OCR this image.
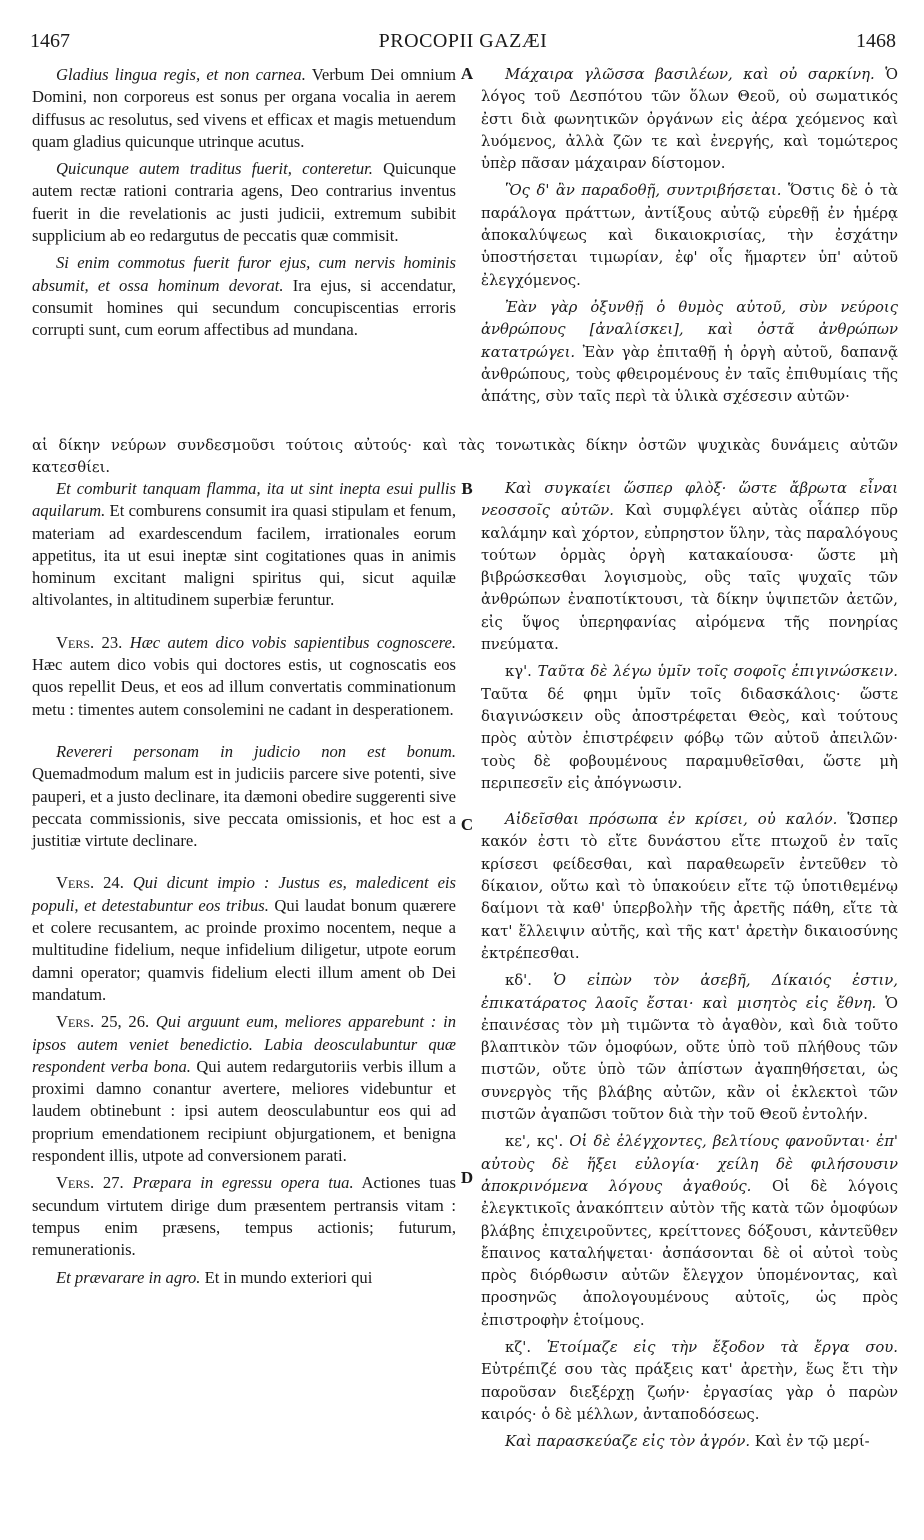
1467	PROCOPII GAZÆI	1468

Gladius lingua regis, et non carnea. Verbum Dei omnium Domini, non corporeus est sonus per organa vocalia in aerem diffusus ac resolutus, sed vivens et efficax et magis metuendum quam gladius quicunque utrinque acutus.

Quicunque autem traditus fuerit, conteretur. Quicunque autem rectæ rationi contraria agens, Deo contrarius inventus fuerit in die revelationis ac justi judicii, extremum subibit supplicium ab eo redargutus de peccatis quæ commisit.

Si enim commotus fuerit furor ejus, cum nervis hominis absumit, et ossa hominum devorat. Ira ejus, si accendatur, consumit homines qui secundum concupiscentias erroris corrupti sunt, cum eorum affectibus ad mundana.

αἱ δίκην νεύρων συνδεσμοῦσι τούτοις αὐτούς· καὶ τὰς τονωτικὰς δίκην ὀστῶν ψυχικὰς δυνάμεις αὐτῶν
κατεσθίει.

Et comburit tanquam flamma, ita ut sint inepta esui pullis aquilarum. Et comburens consumit ira quasi stipulam et fenum, materiam ad exardescendum facilem, irrationales eorum appetitus, ita ut esui ineptæ sint cogitationes quas in animis hominum excitant maligni spiritus qui, sicut aquilæ altivolantes, in altitudinem superbiæ feruntur.

Vers. 23. Hæc autem dico vobis sapientibus cognoscere. Hæc autem dico vobis qui doctores estis, ut cognoscatis eos quos repellit Deus, et eos ad illum convertatis comminationum metu : timentes autem consolemini ne cadant in desperationem.

Revereri personam in judicio non est bonum. Quemadmodum malum est in judiciis parcere sive potenti, sive pauperi, et a justo declinare, ita dæmoni obedire suggerenti sive peccata commissionis, sive peccata omissionis, et hoc est a justitiæ virtute declinare.

Vers. 24. Qui dicunt impio : Justus es, maledicent eis populi, et detestabuntur eos tribus. Qui laudat bonum quærere et colere recusantem, ac proinde proximo nocentem, neque a multitudine fidelium, neque infidelium diligetur, utpote eorum damni operator; quamvis fidelium electi illum ament ob Dei mandatum.

Vers. 25, 26. Qui arguunt eum, meliores apparebunt : in ipsos autem veniet benedictio. Labia deosculabuntur quæ respondent verba bona. Qui autem redargutoriis verbis illum a proximi damno conantur avertere, meliores videbuntur et laudem obtinebunt : ipsi autem deosculabuntur eos qui ad proprium emendationem recipiunt objurgationem, et benigna respondent illis, utpote ad conversionem parati.

Vers. 27. Præpara in egressu opera tua. Actiones tuas secundum virtutem dirige dum præsentem pertransis vitam : tempus enim præsens, tempus actionis; futurum, remunerationis.

Et prævarare in agro. Et in mundo exteriori qui

Μάχαιρα γλῶσσα βασιλέων, καὶ οὐ σαρκίνη. Ὁ λόγος τοῦ Δεσπότου τῶν ὅλων Θεοῦ, οὐ σωματικός ἐστι διὰ φωνητικῶν ὀργάνων εἰς ἀέρα χεόμενος καὶ λυόμενος, ἀλλὰ ζῶν τε καὶ ἐνεργής, καὶ τομώτερος ὑπὲρ πᾶσαν μάχαιραν δίστομον.

Ὃς δ' ἂν παραδοθῇ, συντριβήσεται. Ὅστις δὲ ὁ τὰ παράλογα πράττων, ἀντίξους αὐτῷ εὑρεθῇ ἐν ἡμέρᾳ ἀποκαλύψεως καὶ δικαιοκρισίας, τὴν ἐσχάτην ὑποστήσεται τιμωρίαν, ἐφ' οἷς ἥμαρτεν ὑπ' αὐτοῦ ἐλεγχόμενος.

Ἐὰν γὰρ ὀξυνθῇ ὁ θυμὸς αὐτοῦ, σὺν νεύροις ἀνθρώπους [ἀναλίσκει], καὶ ὀστᾶ ἀνθρώπων κατατρώγει. Ἐὰν γὰρ ἐπιταθῇ ἡ ὀργὴ αὐτοῦ, δαπανᾷ ἀνθρώπους, τοὺς φθειρομένους ἐν ταῖς ἐπιθυμίαις τῆς ἀπάτης, σὺν ταῖς περὶ τὰ ὑλικὰ σχέσεσιν αὐτῶν·

Καὶ συγκαίει ὥσπερ φλὸξ· ὥστε ἄβρωτα εἶναι νεοσσοῖς αὐτῶν. Καὶ συμφλέγει αὐτὰς οἷάπερ πῦρ καλάμην καὶ χόρτον, εὐπρηστον ὕλην, τὰς παραλόγους τούτων ὁρμὰς ὀργὴ κατακαίουσα· ὥστε μὴ βιβρώσκεσθαι λογισμοὺς, οὓς ταῖς ψυχαῖς τῶν ἀνθρώπων ἐναποτίκτουσι, τὰ δίκην ὑψιπετῶν ἀετῶν, εἰς ὕψος ὑπερηφανίας αἰρόμενα τῆς πονηρίας πνεύματα.

κγ'. Ταῦτα δὲ λέγω ὑμῖν τοῖς σοφοῖς ἐπιγινώσκειν. Ταῦτα δέ φημι ὑμῖν τοῖς διδασκάλοις· ὥστε διαγινώσκειν οὓς ἀποστρέφεται Θεὸς, καὶ τούτους πρὸς αὐτὸν ἐπιστρέφειν φόβῳ τῶν αὐτοῦ ἀπειλῶν· τοὺς δὲ φοβουμένους παραμυθεῖσθαι, ὥστε μὴ περιπεσεῖν εἰς ἀπόγνωσιν.

Αἰδεῖσθαι πρόσωπα ἐν κρίσει, οὐ καλόν. Ὥσπερ κακόν ἐστι τὸ εἴτε δυνάστου εἴτε πτωχοῦ ἐν ταῖς κρίσεσι φείδεσθαι, καὶ παραθεωρεῖν ἐντεῦθεν τὸ δίκαιον, οὕτω καὶ τὸ ὑπακούειν εἴτε τῷ ὑποτιθεμένῳ δαίμονι τὰ καθ' ὑπερβολὴν τῆς ἀρετῆς πάθη, εἴτε τὰ κατ' ἔλλειψιν αὐτῆς, καὶ τῆς κατ' ἀρετὴν δικαιοσύνης ἐκτρέπεσθαι.

κδ'. Ὁ εἰπὼν τὸν ἀσεβῆ, Δίκαιός ἐστιν, ἐπικατάρατος λαοῖς ἔσται· καὶ μισητὸς εἰς ἔθνη. Ὁ ἐπαινέσας τὸν μὴ τιμῶντα τὸ ἀγαθὸν, καὶ διὰ τοῦτο βλαπτικὸν τῶν ὁμοφύων, οὔτε ὑπὸ τοῦ πλήθους τῶν πιστῶν, οὔτε ὑπὸ τῶν ἀπίστων ἀγαπηθήσεται, ὡς συνεργὸς τῆς βλάβης αὐτῶν, κἂν οἱ ἐκλεκτοὶ τῶν πιστῶν ἀγαπῶσι τοῦτον διὰ τὴν τοῦ Θεοῦ ἐντολήν.

κε', κς'. Οἱ δὲ ἐλέγχοντες, βελτίους φανοῦνται· ἐπ' αὐτοὺς δὲ ἥξει εὐλογία· χείλη δὲ φιλήσουσιν ἀποκρινόμενα λόγους ἀγαθούς. Οἱ δὲ λόγοις ἐλεγκτικοῖς ἀνακόπτειν αὐτὸν τῆς κατὰ τῶν ὁμοφύων βλάβης ἐπιχειροῦντες, κρείττονες δόξουσι, κἀντεῦθεν ἔπαινος καταλήψεται· ἀσπάσονται δὲ οἱ αὐτοὶ τοὺς πρὸς διόρθωσιν αὐτῶν ἔλεγχον ὑπομένοντας, καὶ προσηνῶς ἀπολογουμένους αὐτοῖς, ὡς πρὸς ἐπιστροφὴν ἑτοίμους.

κζ'. Ἑτοίμαζε εἰς τὴν ἔξοδον τὰ ἔργα σου. Εὐτρέπιζέ σου τὰς πράξεις κατ' ἀρετὴν, ἕως ἔτι τὴν παροῦσαν διεξέρχῃ ζωήν· ἐργασίας γὰρ ὁ παρὼν καιρός· ὁ δὲ μέλλων, ἀνταποδόσεως.

Καὶ παρασκεύαζε εἰς τὸν ἀγρόν. Καὶ ἐν τῷ μερί-

A
B
C
D
